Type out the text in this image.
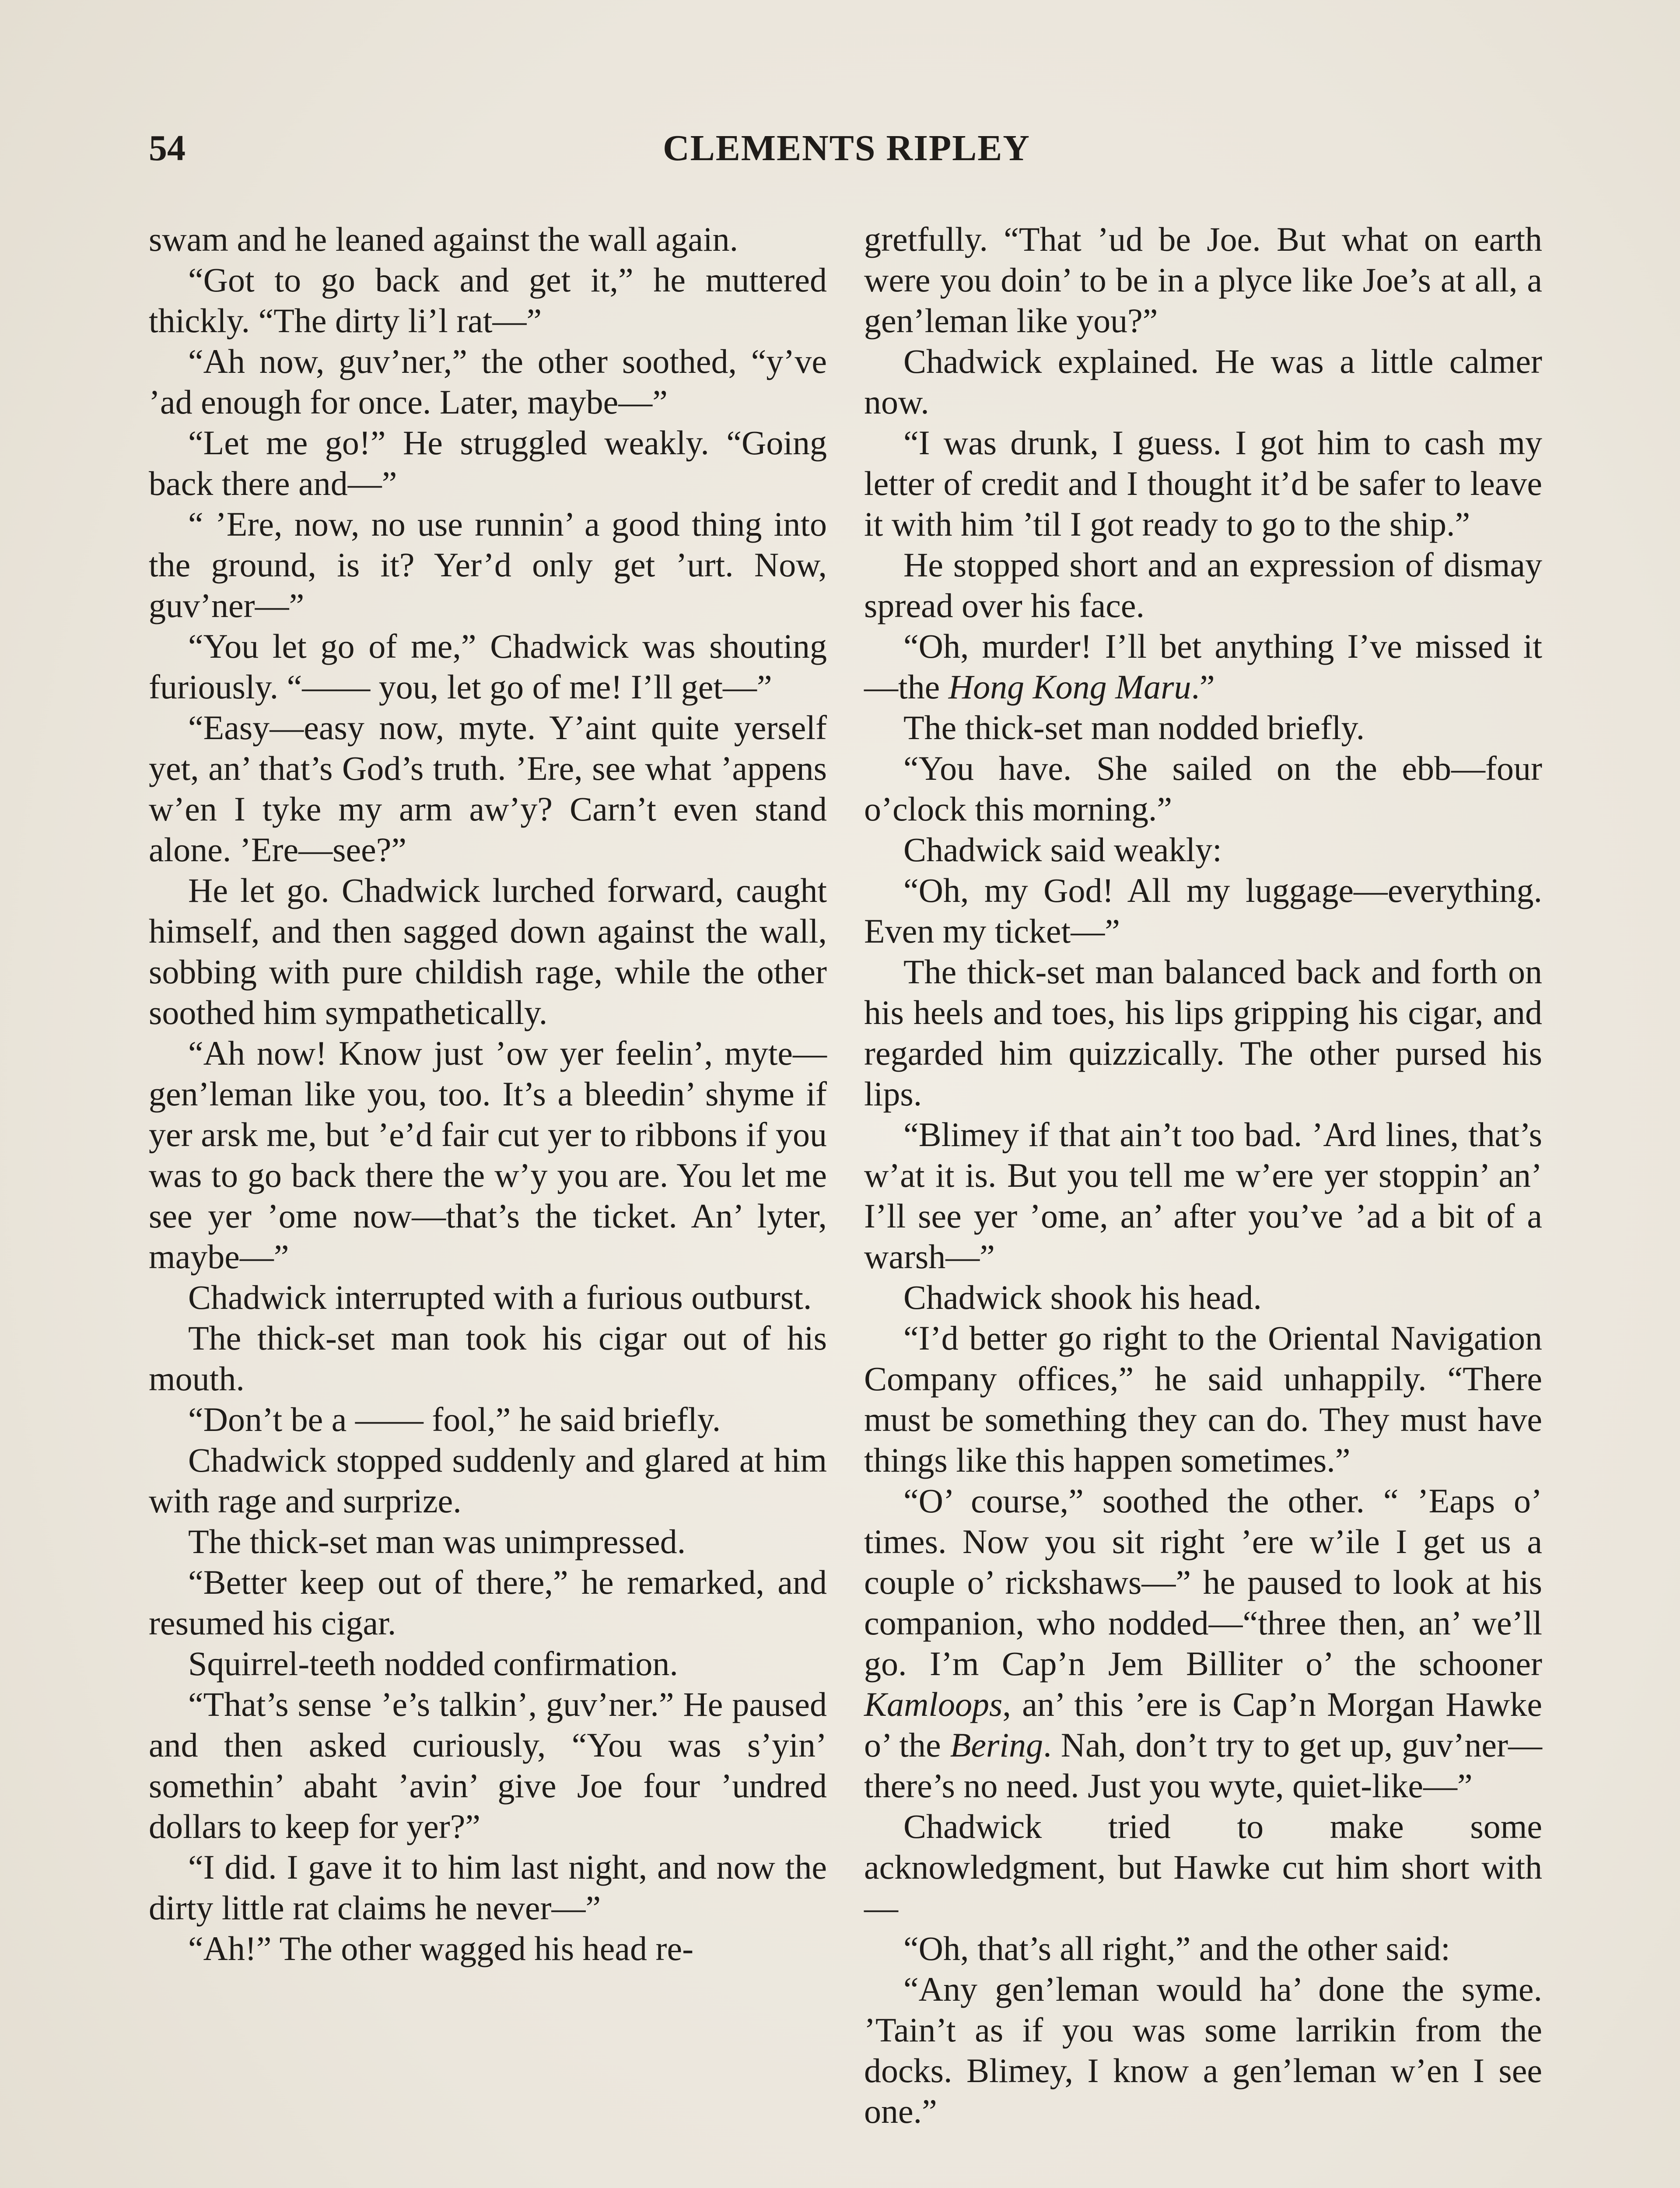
54	CLEMENTS RIPLEY

swam and he leaned against the wall again.

“Got to go back and get it,” he muttered thickly. “The dirty li’l rat—”

“Ah now, guv’ner,” the other soothed, “y’ve ’ad enough for once. Later, maybe—”

“Let me go!” He struggled weakly. “Going back there and—”

“ ’Ere, now, no use runnin’ a good thing into the ground, is it? Yer’d only get ’urt. Now, guv’ner—”

“You let go of me,” Chadwick was shouting furiously. “—— you, let go of me! I’ll get—”

“Easy—easy now, myte. Y’aint quite yerself yet, an’ that’s God’s truth. ’Ere, see what ’appens w’en I tyke my arm aw’y? Carn’t even stand alone. ’Ere—see?”

He let go. Chadwick lurched forward, caught himself, and then sagged down against the wall, sobbing with pure childish rage, while the other soothed him sympathetically.

“Ah now! Know just ’ow yer feelin’, myte—gen’leman like you, too. It’s a bleedin’ shyme if yer arsk me, but ’e’d fair cut yer to ribbons if you was to go back there the w’y you are. You let me see yer ’ome now—that’s the ticket. An’ lyter, maybe—”

Chadwick interrupted with a furious outburst.

The thick-set man took his cigar out of his mouth.

“Don’t be a —— fool,” he said briefly.

Chadwick stopped suddenly and glared at him with rage and surprize.

The thick-set man was unimpressed.

“Better keep out of there,” he remarked, and resumed his cigar.

Squirrel-teeth nodded confirmation.

“That’s sense ’e’s talkin’, guv’ner.” He paused and then asked curiously, “You was s’yin’ somethin’ abaht ’avin’ give Joe four ’undred dollars to keep for yer?”

“I did. I gave it to him last night, and now the dirty little rat claims he never—”

“Ah!” The other wagged his head re-

gretfully. “That ’ud be Joe. But what on earth were you doin’ to be in a plyce like Joe’s at all, a gen’leman like you?”

Chadwick explained. He was a little calmer now.

“I was drunk, I guess. I got him to cash my letter of credit and I thought it’d be safer to leave it with him ’til I got ready to go to the ship.”

He stopped short and an expression of dismay spread over his face.

“Oh, murder! I’ll bet anything I’ve missed it—the Hong Kong Maru.”

The thick-set man nodded briefly.

“You have. She sailed on the ebb—four o’clock this morning.”

Chadwick said weakly:

“Oh, my God! All my luggage—everything. Even my ticket—”

The thick-set man balanced back and forth on his heels and toes, his lips gripping his cigar, and regarded him quizzically. The other pursed his lips.

“Blimey if that ain’t too bad. ’Ard lines, that’s w’at it is. But you tell me w’ere yer stoppin’ an’ I’ll see yer ’ome, an’ after you’ve ’ad a bit of a warsh—”

Chadwick shook his head.

“I’d better go right to the Oriental Navigation Company offices,” he said unhappily. “There must be something they can do. They must have things like this happen sometimes.”

“O’ course,” soothed the other. “ ’Eaps o’ times. Now you sit right ’ere w’ile I get us a couple o’ rickshaws—” he paused to look at his companion, who nodded—“three then, an’ we’ll go. I’m Cap’n Jem Billiter o’ the schooner Kamloops, an’ this ’ere is Cap’n Morgan Hawke o’ the Bering. Nah, don’t try to get up, guv’ner—there’s no need. Just you wyte, quiet-like—”

Chadwick tried to make some acknowledgment, but Hawke cut him short with—

“Oh, that’s all right,” and the other said:

“Any gen’leman would ha’ done the syme. ’Tain’t as if you was some larrikin from the docks. Blimey, I know a gen’leman w’en I see one.”
